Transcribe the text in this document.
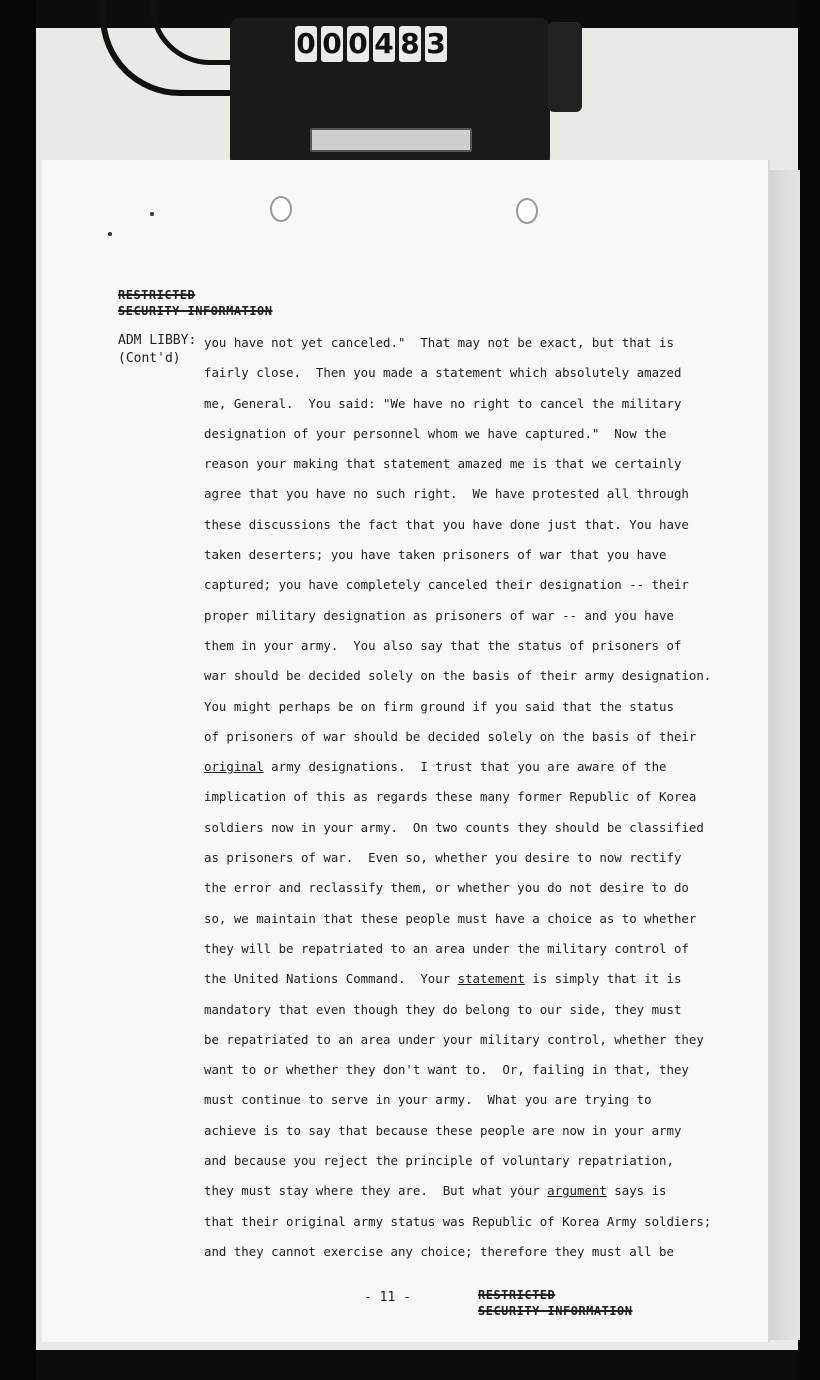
0 0 0 4 8 3
RESTRICTED
SECURITY INFORMATION
ADM LIBBY:
(Cont'd)
you have not yet canceled."  That may not be exact, but that is
fairly close.  Then you made a statement which absolutely amazed
me, General.  You said: "We have no right to cancel the military
designation of your personnel whom we have captured."  Now the
reason your making that statement amazed me is that we certainly
agree that you have no such right.  We have protested all through
these discussions the fact that you have done just that. You have
taken deserters; you have taken prisoners of war that you have
captured; you have completely canceled their designation -- their
proper military designation as prisoners of war -- and you have
them in your army.  You also say that the status of prisoners of
war should be decided solely on the basis of their army designation.
You might perhaps be on firm ground if you said that the status
of prisoners of war should be decided solely on the basis of their
original army designations.  I trust that you are aware of the
implication of this as regards these many former Republic of Korea
soldiers now in your army.  On two counts they should be classified
as prisoners of war.  Even so, whether you desire to now rectify
the error and reclassify them, or whether you do not desire to do
so, we maintain that these people must have a choice as to whether
they will be repatriated to an area under the military control of
the United Nations Command.  Your statement is simply that it is
mandatory that even though they do belong to our side, they must
be repatriated to an area under your military control, whether they
want to or whether they don't want to.  Or, failing in that, they
must continue to serve in your army.  What you are trying to
achieve is to say that because these people are now in your army
and because you reject the principle of voluntary repatriation,
they must stay where they are.  But what your argument says is
that their original army status was Republic of Korea Army soldiers;
and they cannot exercise any choice; therefore they must all be
- 11 -	RESTRICTED
SECURITY INFORMATION
